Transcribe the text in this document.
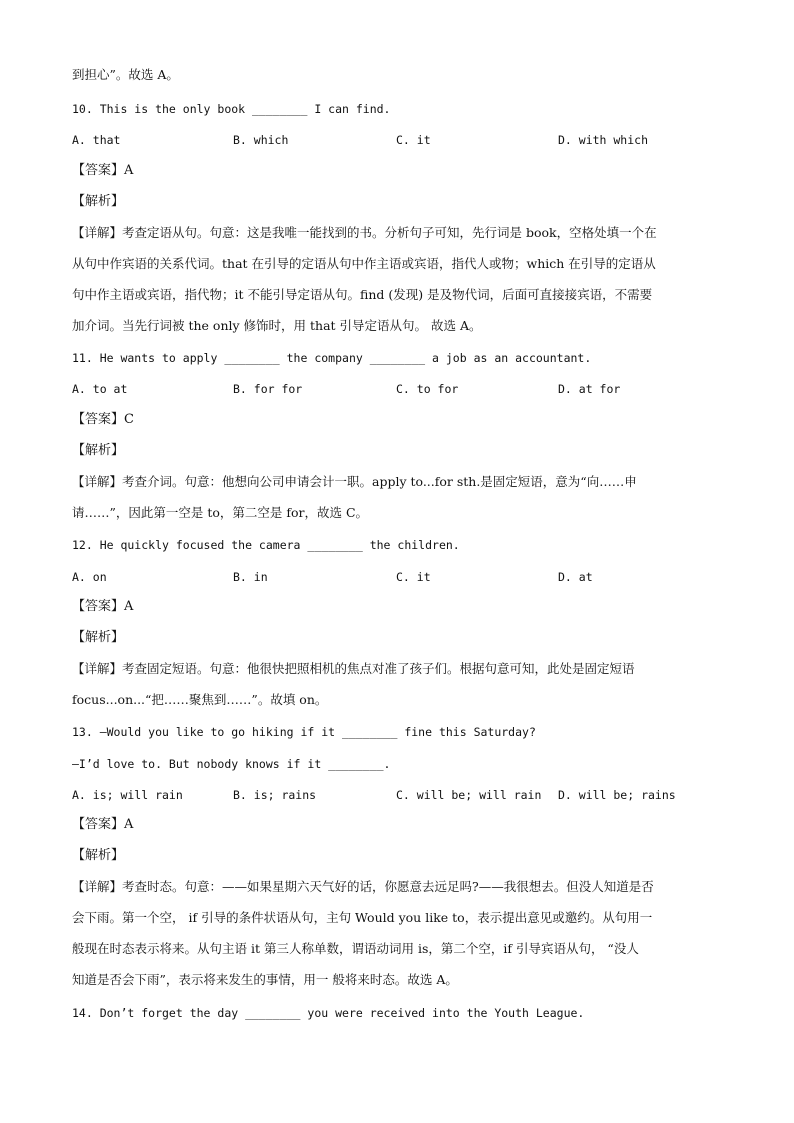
到担心”。故选 A。
10. This is the only book ________ I can find.
A. that	B. which	C. it	D. with which
【答案】A
【解析】
【详解】考查定语从句。句意：这是我唯一能找到的书。分析句子可知，先行词是 book，空格处填一个在
从句中作宾语的关系代词。that 在引导的定语从句中作主语或宾语，指代人或物；which 在引导的定语从
句中作主语或宾语，指代物；it 不能引导定语从句。find (发现) 是及物代词，后面可直接接宾语，不需要
加介词。当先行词被 the only 修饰时，用 that 引导定语从句。 故选 A。
11. He wants to apply ________ the company ________ a job as an accountant.
A. to at	B. for for	C. to for	D. at for
【答案】C
【解析】
【详解】考查介词。句意：他想向公司申请会计一职。apply to...for sth.是固定短语，意为“向……申
请……”，因此第一空是 to，第二空是 for，故选 C。
12. He quickly focused the camera ________ the children.
A. on	B. in	C. it	D. at
【答案】A
【解析】
【详解】考查固定短语。句意：他很快把照相机的焦点对准了孩子们。根据句意可知，此处是固定短语
focus...on...“把……聚焦到……”。故填 on。
13. —Would you like to go hiking if it ________ fine this Saturday?
—I’d love to. But nobody knows if it ________.
A. is; will rain	B. is; rains	C. will be; will rain D. will be; rains
【答案】A
【解析】
【详解】考查时态。句意：——如果星期六天气好的话，你愿意去远足吗?——我很想去。但没人知道是否
会下雨。第一个空， if 引导的条件状语从句，主句 Would you like to，表示提出意见或邀约。从句用一
般现在时态表示将来。从句主语 it 第三人称单数，谓语动词用 is，第二个空，if 引导宾语从句， “没人
知道是否会下雨”，表示将来发生的事情，用一 般将来时态。故选 A。
14. Don’t forget the day ________ you were received into the Youth League.
